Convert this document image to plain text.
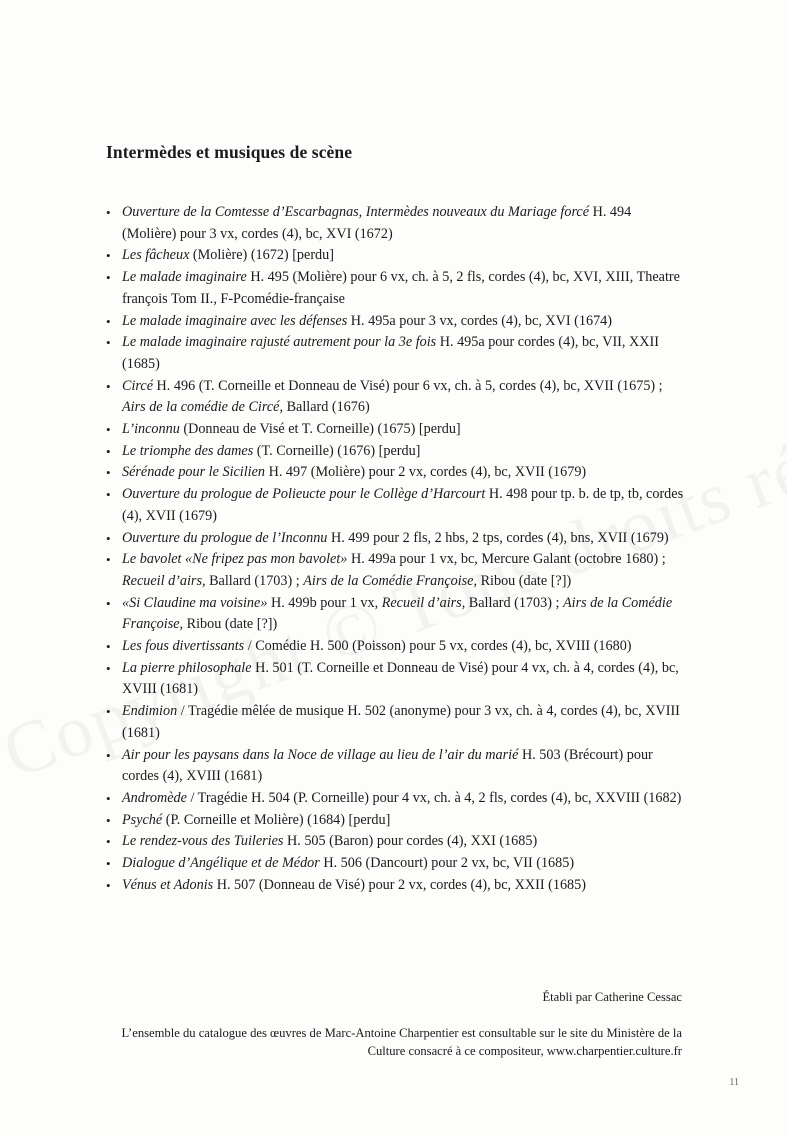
Intermèdes et musiques de scène
• Ouverture de la Comtesse d’Escarbagnas, Intermèdes nouveaux du Mariage forcé H. 494 (Molière) pour 3 vx, cordes (4), bc, XVI (1672)
• Les fâcheux (Molière) (1672) [perdu]
• Le malade imaginaire H. 495 (Molière) pour 6 vx, ch. à 5, 2 fls, cordes (4), bc, XVI, XIII, Theatre françois Tom II., F-Pcomédie-française
• Le malade imaginaire avec les défenses H. 495a pour 3 vx, cordes (4), bc, XVI (1674)
• Le malade imaginaire rajusté autrement pour la 3e fois H. 495a pour cordes (4), bc, VII, XXII (1685)
• Circé H. 496 (T. Corneille et Donneau de Visé) pour 6 vx, ch. à 5, cordes (4), bc, XVII (1675) ; Airs de la comédie de Circé, Ballard (1676)
• L’inconnu (Donneau de Visé et T. Corneille) (1675) [perdu]
• Le triomphe des dames (T. Corneille) (1676) [perdu]
• Sérénade pour le Sicilien H. 497 (Molière) pour 2 vx, cordes (4), bc, XVII (1679)
• Ouverture du prologue de Polieucte pour le Collège d’Harcourt H. 498 pour tp. b. de tp, tb, cordes (4), XVII (1679)
• Ouverture du prologue de l’Inconnu H. 499 pour 2 fls, 2 hbs, 2 tps, cordes (4), bns, XVII (1679)
• Le bavolet «Ne fripez pas mon bavolet» H. 499a pour 1 vx, bc, Mercure Galant (octobre 1680) ; Recueil d’airs, Ballard (1703) ; Airs de la Comédie Françoise, Ribou (date [?])
• «Si Claudine ma voisine» H. 499b pour 1 vx, Recueil d’airs, Ballard (1703) ; Airs de la Comédie Françoise, Ribou (date [?])
• Les fous divertissants / Comédie H. 500 (Poisson) pour 5 vx, cordes (4), bc, XVIII (1680)
• La pierre philosophale H. 501 (T. Corneille et Donneau de Visé) pour 4 vx, ch. à 4, cordes (4), bc, XVIII (1681)
• Endimion / Tragédie mêlée de musique H. 502 (anonyme) pour 3 vx, ch. à 4, cordes (4), bc, XVIII (1681)
• Air pour les paysans dans la Noce de village au lieu de l’air du marié H. 503 (Brécourt) pour cordes (4), XVIII (1681)
• Andromède / Tragédie H. 504 (P. Corneille) pour 4 vx, ch. à 4, 2 fls, cordes (4), bc, XXVIII (1682)
• Psyché (P. Corneille et Molière) (1684) [perdu]
• Le rendez-vous des Tuileries H. 505 (Baron) pour cordes (4), XXI (1685)
• Dialogue d’Angélique et de Médor H. 506 (Dancourt) pour 2 vx, bc, VII (1685)
• Vénus et Adonis H. 507 (Donneau de Visé) pour 2 vx, cordes (4), bc, XXII (1685)
Établi par Catherine Cessac
L’ensemble du catalogue des œuvres de Marc-Antoine Charpentier est consultable sur le site du Ministère de la Culture consacré à ce compositeur, www.charpentier.culture.fr
11
